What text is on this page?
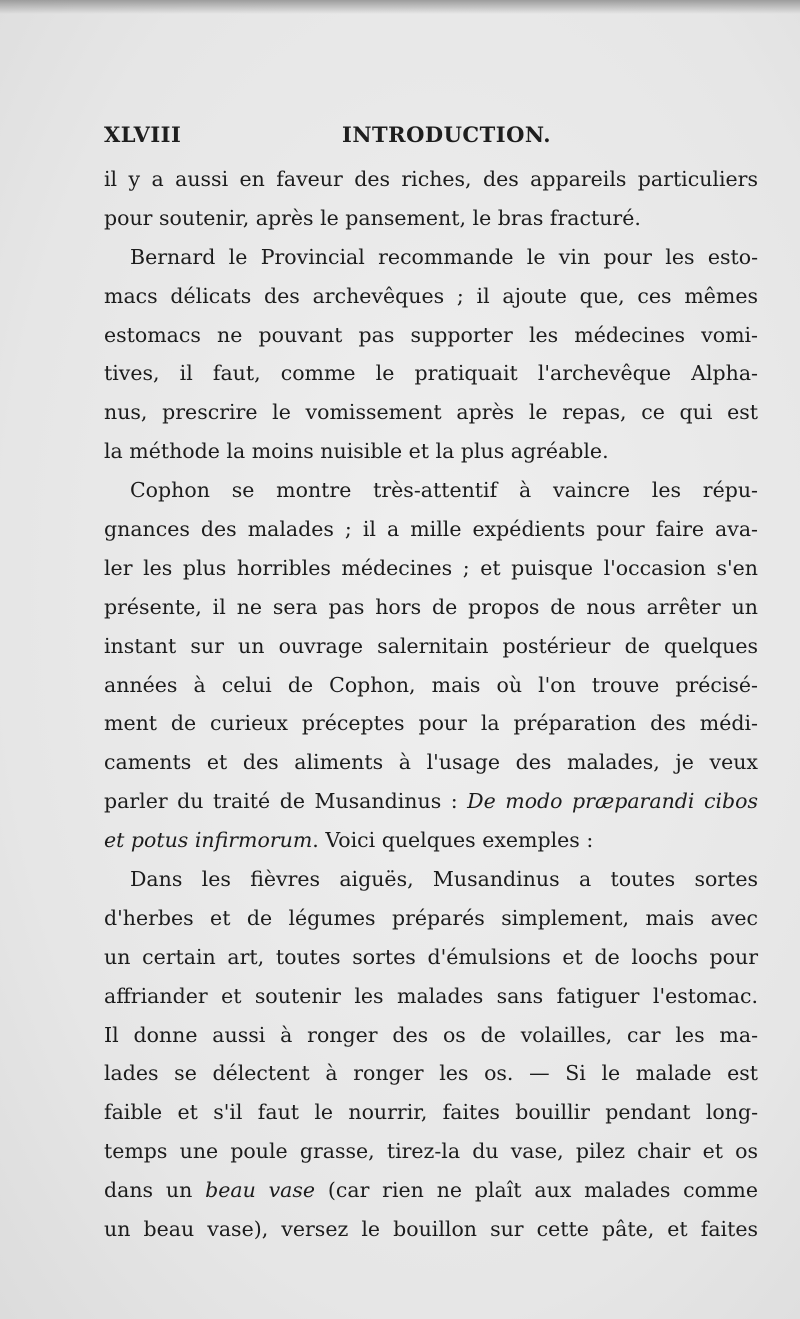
XLVIII	INTRODUCTION.
il y a aussi en faveur des riches, des appareils particuliers
pour soutenir, après le pansement, le bras fracturé.
Bernard le Provincial recommande le vin pour les esto-
macs délicats des archevêques ; il ajoute que, ces mêmes
estomacs ne pouvant pas supporter les médecines vomi-
tives, il faut, comme le pratiquait l'archevêque Alpha-
nus, prescrire le vomissement après le repas, ce qui est
la méthode la moins nuisible et la plus agréable.
Cophon se montre très-attentif à vaincre les répu-
gnances des malades ; il a mille expédients pour faire ava-
ler les plus horribles médecines ; et puisque l'occasion s'en
présente, il ne sera pas hors de propos de nous arrêter un
instant sur un ouvrage salernitain postérieur de quelques
années à celui de Cophon, mais où l'on trouve précisé-
ment de curieux préceptes pour la préparation des médi-
caments et des aliments à l'usage des malades, je veux
parler du traité de Musandinus : De modo præparandi cibos
et potus infirmorum. Voici quelques exemples :
Dans les fièvres aiguës, Musandinus a toutes sortes
d'herbes et de légumes préparés simplement, mais avec
un certain art, toutes sortes d'émulsions et de loochs pour
affriander et soutenir les malades sans fatiguer l'estomac.
Il donne aussi à ronger des os de volailles, car les ma-
lades se délectent à ronger les os. — Si le malade est
faible et s'il faut le nourrir, faites bouillir pendant long-
temps une poule grasse, tirez-la du vase, pilez chair et os
dans un beau vase (car rien ne plaît aux malades comme
un beau vase), versez le bouillon sur cette pâte, et faites
